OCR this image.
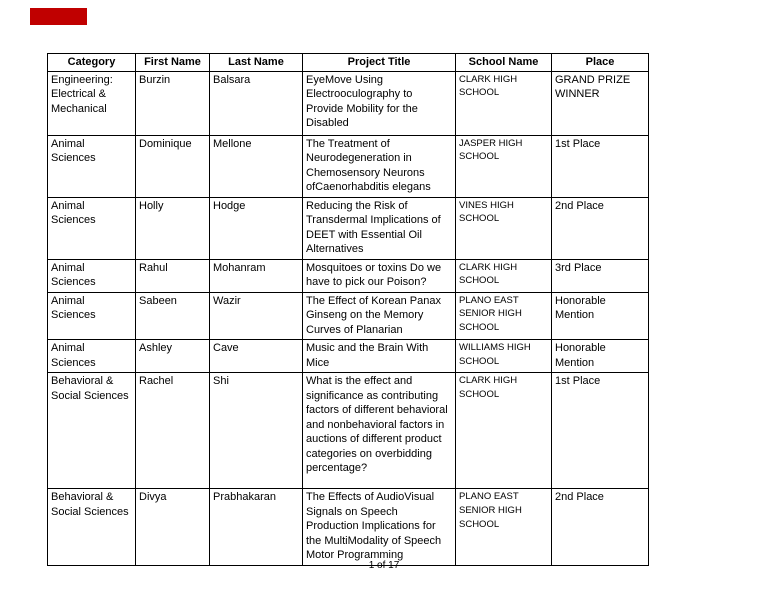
Category	First Name	Last Name	Project Title	School Name	Place
Engineering: Electrical & Mechanical	Burzin	Balsara	EyeMove Using Electrooculography to Provide Mobility for the Disabled	CLARK HIGH SCHOOL	GRAND PRIZE WINNER
Animal Sciences	Dominique	Mellone	The Treatment of Neurodegeneration in Chemosensory Neurons ofCaenorhabditis elegans	JASPER HIGH SCHOOL	1st Place
Animal Sciences	Holly	Hodge	Reducing the Risk of Transdermal Implications of DEET with Essential Oil Alternatives	VINES HIGH SCHOOL	2nd Place
Animal Sciences	Rahul	Mohanram	Mosquitoes or toxins Do we have to pick our Poison?	CLARK HIGH SCHOOL	3rd Place
Animal Sciences	Sabeen	Wazir	The Effect of Korean Panax Ginseng on the Memory Curves of Planarian	PLANO EAST SENIOR HIGH SCHOOL	Honorable Mention
Animal Sciences	Ashley	Cave	Music and the Brain With Mice	WILLIAMS HIGH SCHOOL	Honorable Mention
Behavioral & Social Sciences	Rachel	Shi	What is the effect and significance as contributing factors of different behavioral and nonbehavioral factors in auctions of different product categories on overbidding percentage?	CLARK HIGH SCHOOL	1st Place
Behavioral & Social Sciences	Divya	Prabhakaran	The Effects of AudioVisual Signals on Speech Production Implications for the MultiModality of Speech Motor Programming	PLANO EAST SENIOR HIGH SCHOOL	2nd Place
1 of 17
